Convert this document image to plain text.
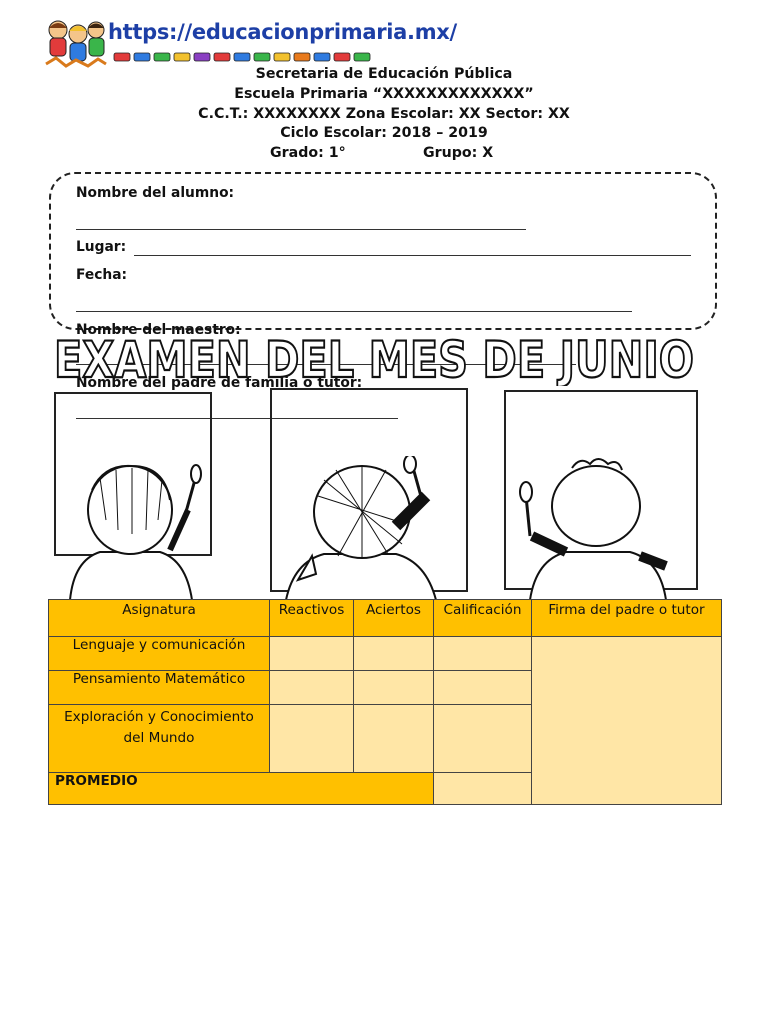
https://educacionprimaria.mx/
Secretaria de Educación Pública
Escuela Primaria “XXXXXXXXXXXXX”
C.C.T.: XXXXXXXX Zona Escolar: XX Sector: XX
Ciclo Escolar: 2018 – 2019
Grado: 1°	Grupo: X
Nombre del alumno:
Lugar:
Fecha:
Nombre del maestro:
Nombre del padre de familia o tutor:
EXAMEN DEL MES DE JUNIO
Asignatura	Reactivos	Aciertos	Calificación	Firma del padre o tutor
Lenguaje y comunicación				
Pensamiento Matemático				
Exploración y Conocimiento del Mundo				
PROMEDIO				
